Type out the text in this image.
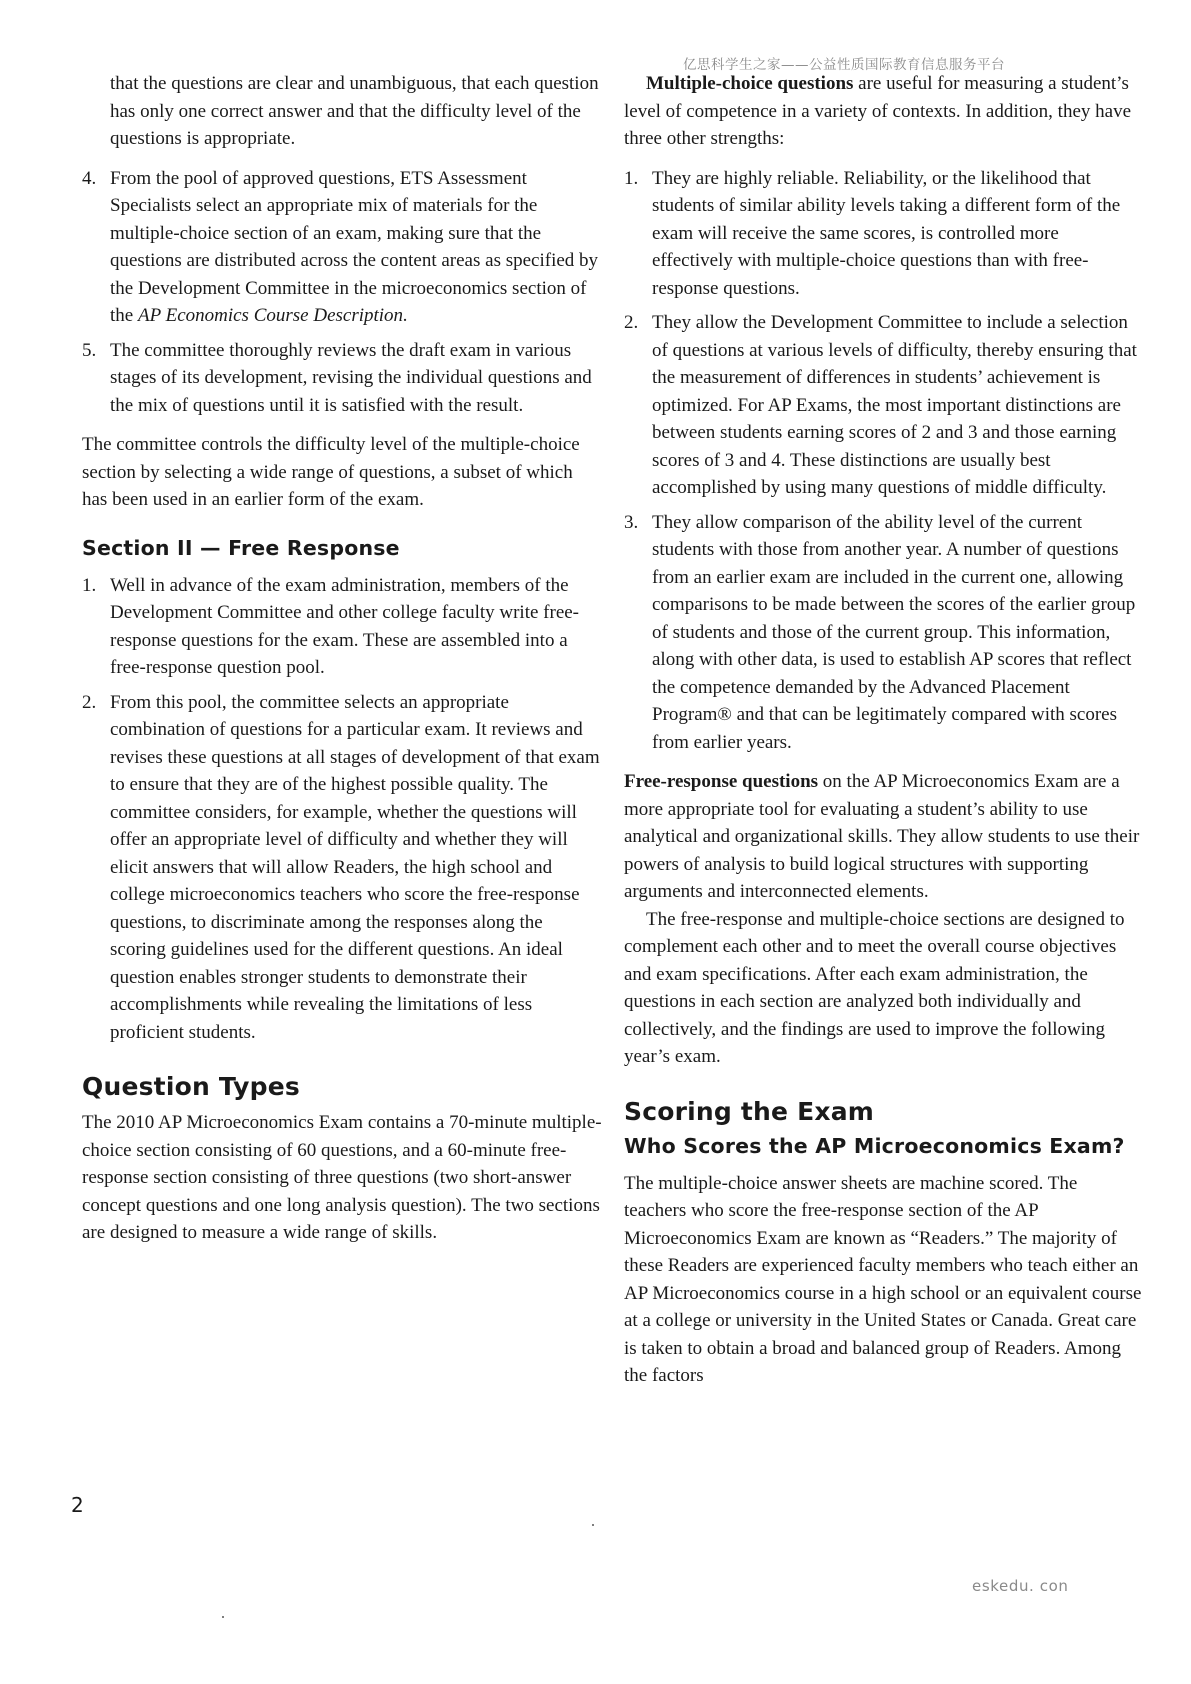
亿思科学生之家——公益性质国际教育信息服务平台

that the questions are clear and unambiguous, that each question has only one correct answer and that the difficulty level of the questions is appropriate.

4. From the pool of approved questions, ETS Assessment Specialists select an appropriate mix of materials for the multiple-choice section of an exam, making sure that the questions are distributed across the content areas as specified by the Development Committee in the microeconomics section of the AP Economics Course Description.
5. The committee thoroughly reviews the draft exam in various stages of its development, revising the individual questions and the mix of questions until it is satisfied with the result.

The committee controls the difficulty level of the multiple-choice section by selecting a wide range of questions, a subset of which has been used in an earlier form of the exam.

Section II — Free Response
1. Well in advance of the exam administration, members of the Development Committee and other college faculty write free-response questions for the exam. These are assembled into a free-response question pool.
2. From this pool, the committee selects an appropriate combination of questions for a particular exam. It reviews and revises these questions at all stages of development of that exam to ensure that they are of the highest possible quality. The committee considers, for example, whether the questions will offer an appropriate level of difficulty and whether they will elicit answers that will allow Readers, the high school and college microeconomics teachers who score the free-response questions, to discriminate among the responses along the scoring guidelines used for the different questions. An ideal question enables stronger students to demonstrate their accomplishments while revealing the limitations of less proficient students.
Question Types

The 2010 AP Microeconomics Exam contains a 70-minute multiple-choice section consisting of 60 questions, and a 60-minute free-response section consisting of three questions (two short-answer concept questions and one long analysis question). The two sections are designed to measure a wide range of skills.

Multiple-choice questions are useful for measuring a student’s level of competence in a variety of contexts. In addition, they have three other strengths:

1. They are highly reliable. Reliability, or the likelihood that students of similar ability levels taking a different form of the exam will receive the same scores, is controlled more effectively with multiple-choice questions than with free-response questions.
2. They allow the Development Committee to include a selection of questions at various levels of difficulty, thereby ensuring that the measurement of differences in students’ achievement is optimized. For AP Exams, the most important distinctions are between students earning scores of 2 and 3 and those earning scores of 3 and 4. These distinctions are usually best accomplished by using many questions of middle difficulty.
3. They allow comparison of the ability level of the current students with those from another year. A number of questions from an earlier exam are included in the current one, allowing comparisons to be made between the scores of the earlier group of students and those of the current group. This information, along with other data, is used to establish AP scores that reflect the competence demanded by the Advanced Placement Program® and that can be legitimately compared with scores from earlier years.

Free-response questions on the AP Microeconomics Exam are a more appropriate tool for evaluating a student’s ability to use analytical and organizational skills. They allow students to use their powers of analysis to build logical structures with supporting arguments and interconnected elements.

The free-response and multiple-choice sections are designed to complement each other and to meet the overall course objectives and exam specifications. After each exam administration, the questions in each section are analyzed both individually and collectively, and the findings are used to improve the following year’s exam.

Scoring the Exam
Who Scores the AP Microeconomics Exam?

The multiple-choice answer sheets are machine scored. The teachers who score the free-response section of the AP Microeconomics Exam are known as “Readers.” The majority of these Readers are experienced faculty members who teach either an AP Microeconomics course in a high school or an equivalent course at a college or university in the United States or Canada. Great care is taken to obtain a broad and balanced group of Readers. Among the factors

2
eskedu. con
